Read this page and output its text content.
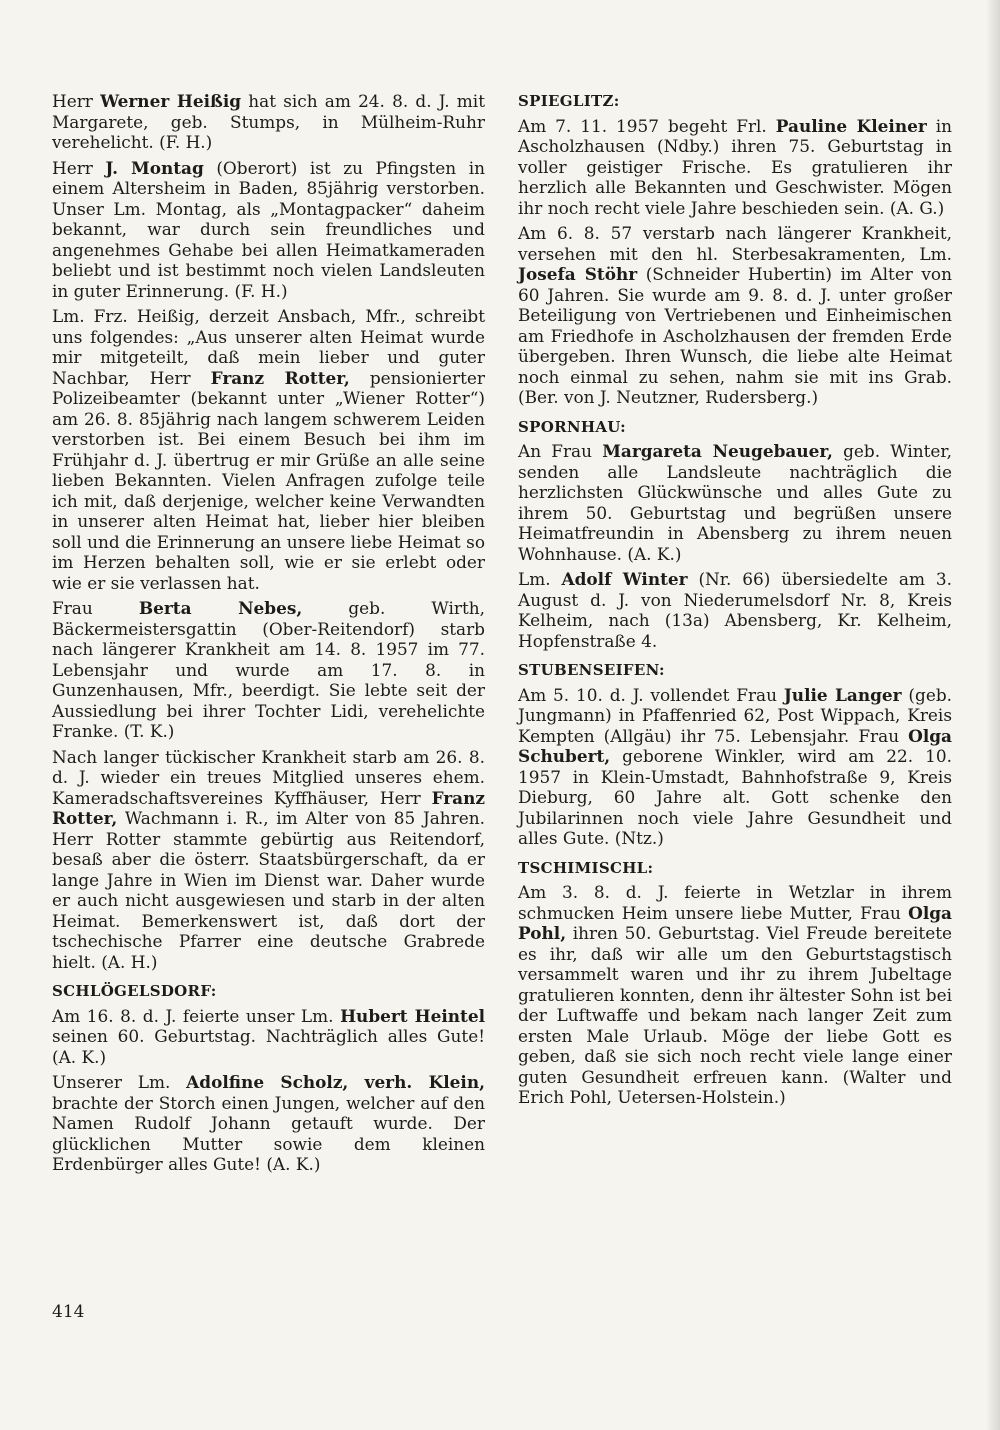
Herr Werner Heißig hat sich am 24. 8. d. J. mit Margarete, geb. Stumps, in Mülheim-Ruhr verehelicht. (F. H.)

Herr J. Montag (Oberort) ist zu Pfingsten in einem Altersheim in Baden, 85jährig verstorben. Unser Lm. Montag, als „Montagpacker“ daheim bekannt, war durch sein freundliches und angenehmes Gehabe bei allen Heimatkameraden beliebt und ist bestimmt noch vielen Landsleuten in guter Erinnerung. (F. H.)

Lm. Frz. Heißig, derzeit Ansbach, Mfr., schreibt uns folgendes: „Aus unserer alten Heimat wurde mir mitgeteilt, daß mein lieber und guter Nachbar, Herr Franz Rotter, pensionierter Polizeibeamter (bekannt unter „Wiener Rotter“) am 26. 8. 85jährig nach langem schwerem Leiden verstorben ist. Bei einem Besuch bei ihm im Frühjahr d. J. übertrug er mir Grüße an alle seine lieben Bekannten. Vielen Anfragen zufolge teile ich mit, daß derjenige, welcher keine Verwandten in unserer alten Heimat hat, lieber hier bleiben soll und die Erinnerung an unsere liebe Heimat so im Herzen behalten soll, wie er sie erlebt oder wie er sie verlassen hat.

Frau Berta Nebes, geb. Wirth, Bäckermeistersgattin (Ober-Reitendorf) starb nach längerer Krankheit am 14. 8. 1957 im 77. Lebensjahr und wurde am 17. 8. in Gunzenhausen, Mfr., beerdigt. Sie lebte seit der Aussiedlung bei ihrer Tochter Lidi, verehelichte Franke. (T. K.)

Nach langer tückischer Krankheit starb am 26. 8. d. J. wieder ein treues Mitglied unseres ehem. Kameradschaftsvereines Kyffhäuser, Herr Franz Rotter, Wachmann i. R., im Alter von 85 Jahren. Herr Rotter stammte gebürtig aus Reitendorf, besaß aber die österr. Staatsbürgerschaft, da er lange Jahre in Wien im Dienst war. Daher wurde er auch nicht ausgewiesen und starb in der alten Heimat. Bemerkenswert ist, daß dort der tschechische Pfarrer eine deutsche Grabrede hielt. (A. H.)

SCHLÖGELSDORF:

Am 16. 8. d. J. feierte unser Lm. Hubert Heintel seinen 60. Geburtstag. Nachträglich alles Gute! (A. K.)

Unserer Lm. Adolfine Scholz, verh. Klein, brachte der Storch einen Jungen, welcher auf den Namen Rudolf Johann getauft wurde. Der glücklichen Mutter sowie dem kleinen Erdenbürger alles Gute! (A. K.)

SPIEGLITZ:

Am 7. 11. 1957 begeht Frl. Pauline Kleiner in Ascholzhausen (Ndby.) ihren 75. Geburtstag in voller geistiger Frische. Es gratulieren ihr herzlich alle Bekannten und Geschwister. Mögen ihr noch recht viele Jahre beschieden sein. (A. G.)

Am 6. 8. 57 verstarb nach längerer Krankheit, versehen mit den hl. Sterbesakramenten, Lm. Josefa Stöhr (Schneider Hubertin) im Alter von 60 Jahren. Sie wurde am 9. 8. d. J. unter großer Beteiligung von Vertriebenen und Einheimischen am Friedhofe in Ascholzhausen der fremden Erde übergeben. Ihren Wunsch, die liebe alte Heimat noch einmal zu sehen, nahm sie mit ins Grab. (Ber. von J. Neutzner, Rudersberg.)

SPORNHAU:

An Frau Margareta Neugebauer, geb. Winter, senden alle Landsleute nachträglich die herzlichsten Glückwünsche und alles Gute zu ihrem 50. Geburtstag und begrüßen unsere Heimatfreundin in Abensberg zu ihrem neuen Wohnhause. (A. K.)

Lm. Adolf Winter (Nr. 66) übersiedelte am 3. August d. J. von Niederumelsdorf Nr. 8, Kreis Kelheim, nach (13a) Abensberg, Kr. Kelheim, Hopfenstraße 4.

STUBENSEIFEN:

Am 5. 10. d. J. vollendet Frau Julie Langer (geb. Jungmann) in Pfaffenried 62, Post Wippach, Kreis Kempten (Allgäu) ihr 75. Lebensjahr. Frau Olga Schubert, geborene Winkler, wird am 22. 10. 1957 in Klein-Umstadt, Bahnhofstraße 9, Kreis Dieburg, 60 Jahre alt. Gott schenke den Jubilarinnen noch viele Jahre Gesundheit und alles Gute. (Ntz.)

TSCHIMISCHL:

Am 3. 8. d. J. feierte in Wetzlar in ihrem schmucken Heim unsere liebe Mutter, Frau Olga Pohl, ihren 50. Geburtstag. Viel Freude bereitete es ihr, daß wir alle um den Geburtstagstisch versammelt waren und ihr zu ihrem Jubeltage gratulieren konnten, denn ihr ältester Sohn ist bei der Luftwaffe und bekam nach langer Zeit zum ersten Male Urlaub. Möge der liebe Gott es geben, daß sie sich noch recht viele lange einer guten Gesundheit erfreuen kann. (Walter und Erich Pohl, Uetersen-Holstein.)

414
